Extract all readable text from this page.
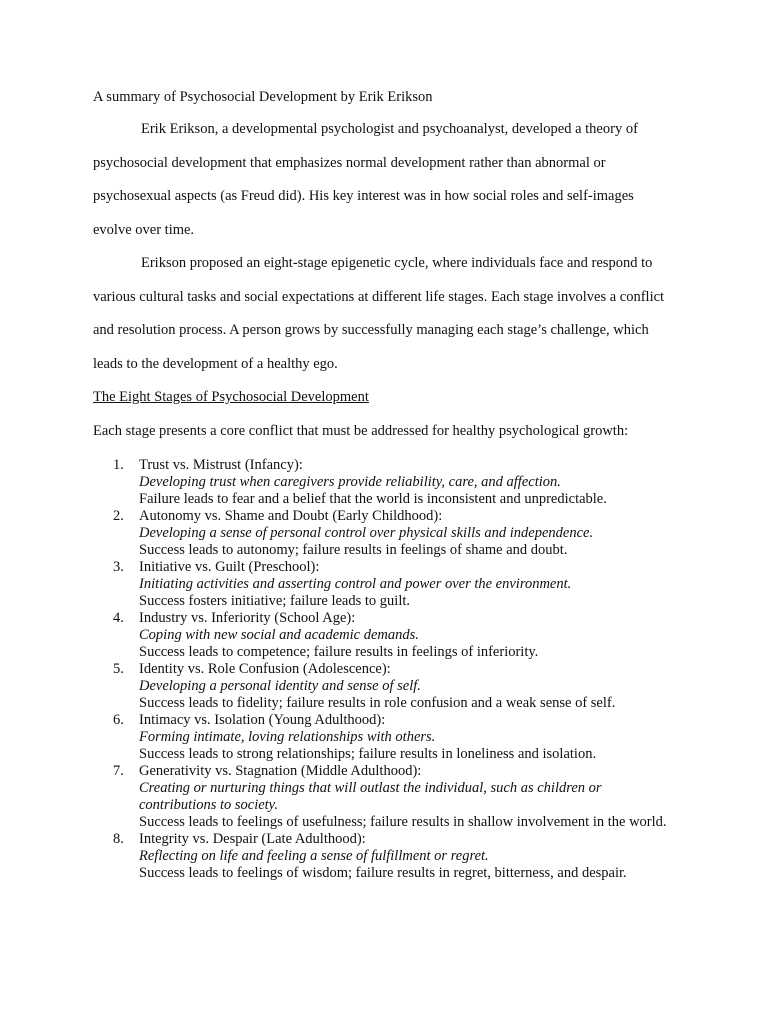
A summary of Psychosocial Development by Erik Erikson

Erik Erikson, a developmental psychologist and psychoanalyst, developed a theory of psychosocial development that emphasizes normal development rather than abnormal or psychosexual aspects (as Freud did). His key interest was in how social roles and self-images evolve over time.

Erikson proposed an eight-stage epigenetic cycle, where individuals face and respond to various cultural tasks and social expectations at different life stages. Each stage involves a conflict and resolution process. A person grows by successfully managing each stage’s challenge, which leads to the development of a healthy ego.

The Eight Stages of Psychosocial Development

Each stage presents a core conflict that must be addressed for healthy psychological growth:

1. Trust vs. Mistrust (Infancy):
Developing trust when caregivers provide reliability, care, and affection.
Failure leads to fear and a belief that the world is inconsistent and unpredictable.
2. Autonomy vs. Shame and Doubt (Early Childhood):
Developing a sense of personal control over physical skills and independence.
Success leads to autonomy; failure results in feelings of shame and doubt.
3. Initiative vs. Guilt (Preschool):
Initiating activities and asserting control and power over the environment.
Success fosters initiative; failure leads to guilt.
4. Industry vs. Inferiority (School Age):
Coping with new social and academic demands.
Success leads to competence; failure results in feelings of inferiority.
5. Identity vs. Role Confusion (Adolescence):
Developing a personal identity and sense of self.
Success leads to fidelity; failure results in role confusion and a weak sense of self.
6. Intimacy vs. Isolation (Young Adulthood):
Forming intimate, loving relationships with others.
Success leads to strong relationships; failure results in loneliness and isolation.
7. Generativity vs. Stagnation (Middle Adulthood):
Creating or nurturing things that will outlast the individual, such as children or contributions to society.
Success leads to feelings of usefulness; failure results in shallow involvement in the world.
8. Integrity vs. Despair (Late Adulthood):
Reflecting on life and feeling a sense of fulfillment or regret.
Success leads to feelings of wisdom; failure results in regret, bitterness, and despair.
